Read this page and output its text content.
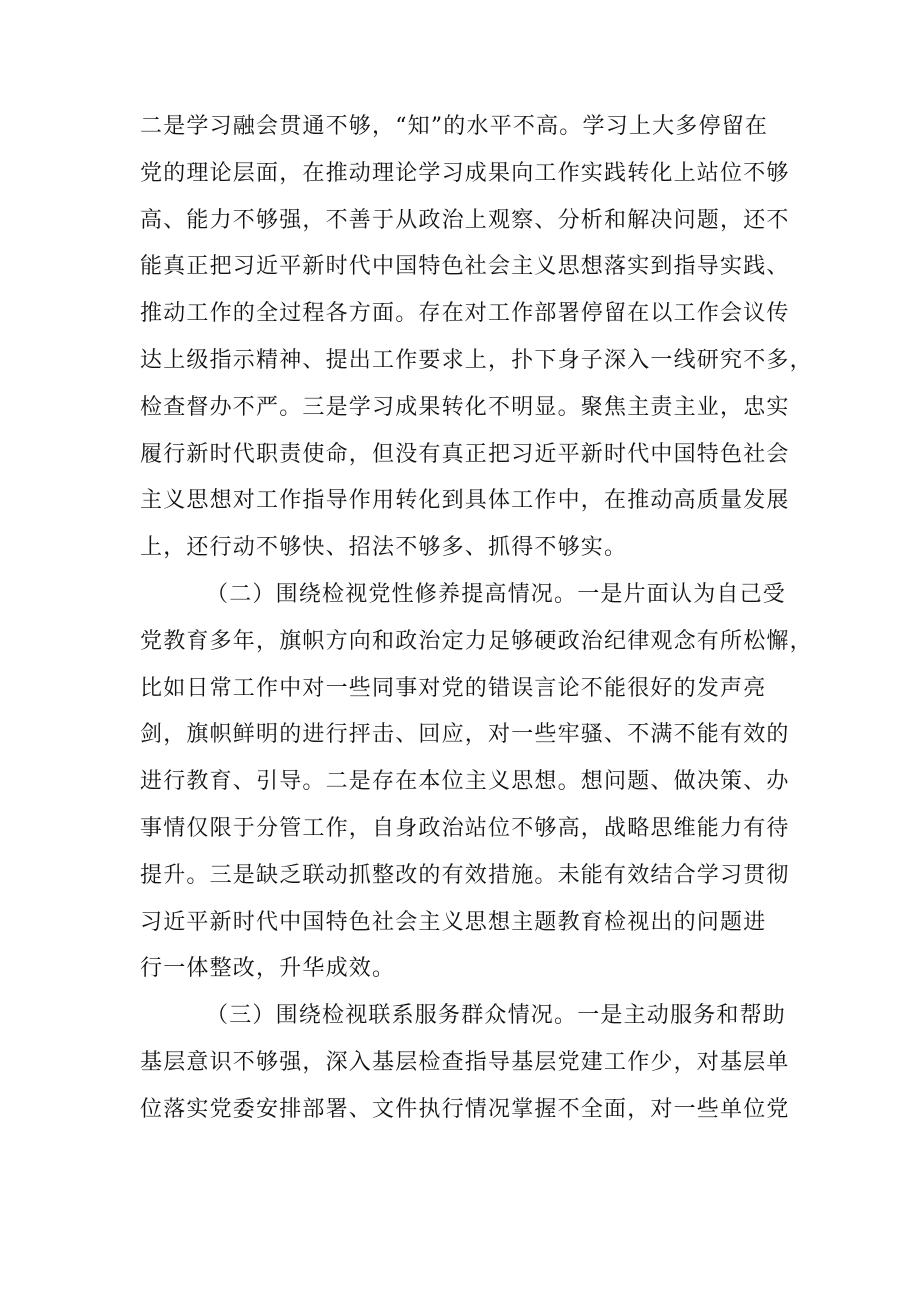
二是学习融会贯通不够，“知”的水平不高。学习上大多停留在
党的理论层面，在推动理论学习成果向工作实践转化上站位不够
高、能力不够强，不善于从政治上观察、分析和解决问题，还不
能真正把习近平新时代中国特色社会主义思想落实到指导实践、
推动工作的全过程各方面。存在对工作部署停留在以工作会议传
达上级指示精神、提出工作要求上，扑下身子深入一线研究不多，
检查督办不严。三是学习成果转化不明显。聚焦主责主业，忠实
履行新时代职责使命，但没有真正把习近平新时代中国特色社会
主义思想对工作指导作用转化到具体工作中，在推动高质量发展
上，还行动不够快、招法不够多、抓得不够实。
（二）围绕检视党性修养提高情况。一是片面认为自己受
党教育多年，旗帜方向和政治定力足够硬政治纪律观念有所松懈，
比如日常工作中对一些同事对党的错误言论不能很好的发声亮
剑，旗帜鲜明的进行抨击、回应，对一些牢骚、不满不能有效的
进行教育、引导。二是存在本位主义思想。想问题、做决策、办
事情仅限于分管工作，自身政治站位不够高，战略思维能力有待
提升。三是缺乏联动抓整改的有效措施。未能有效结合学习贯彻
习近平新时代中国特色社会主义思想主题教育检视出的问题进
行一体整改，升华成效。
（三）围绕检视联系服务群众情况。一是主动服务和帮助
基层意识不够强，深入基层检查指导基层党建工作少，对基层单
位落实党委安排部署、文件执行情况掌握不全面，对一些单位党
